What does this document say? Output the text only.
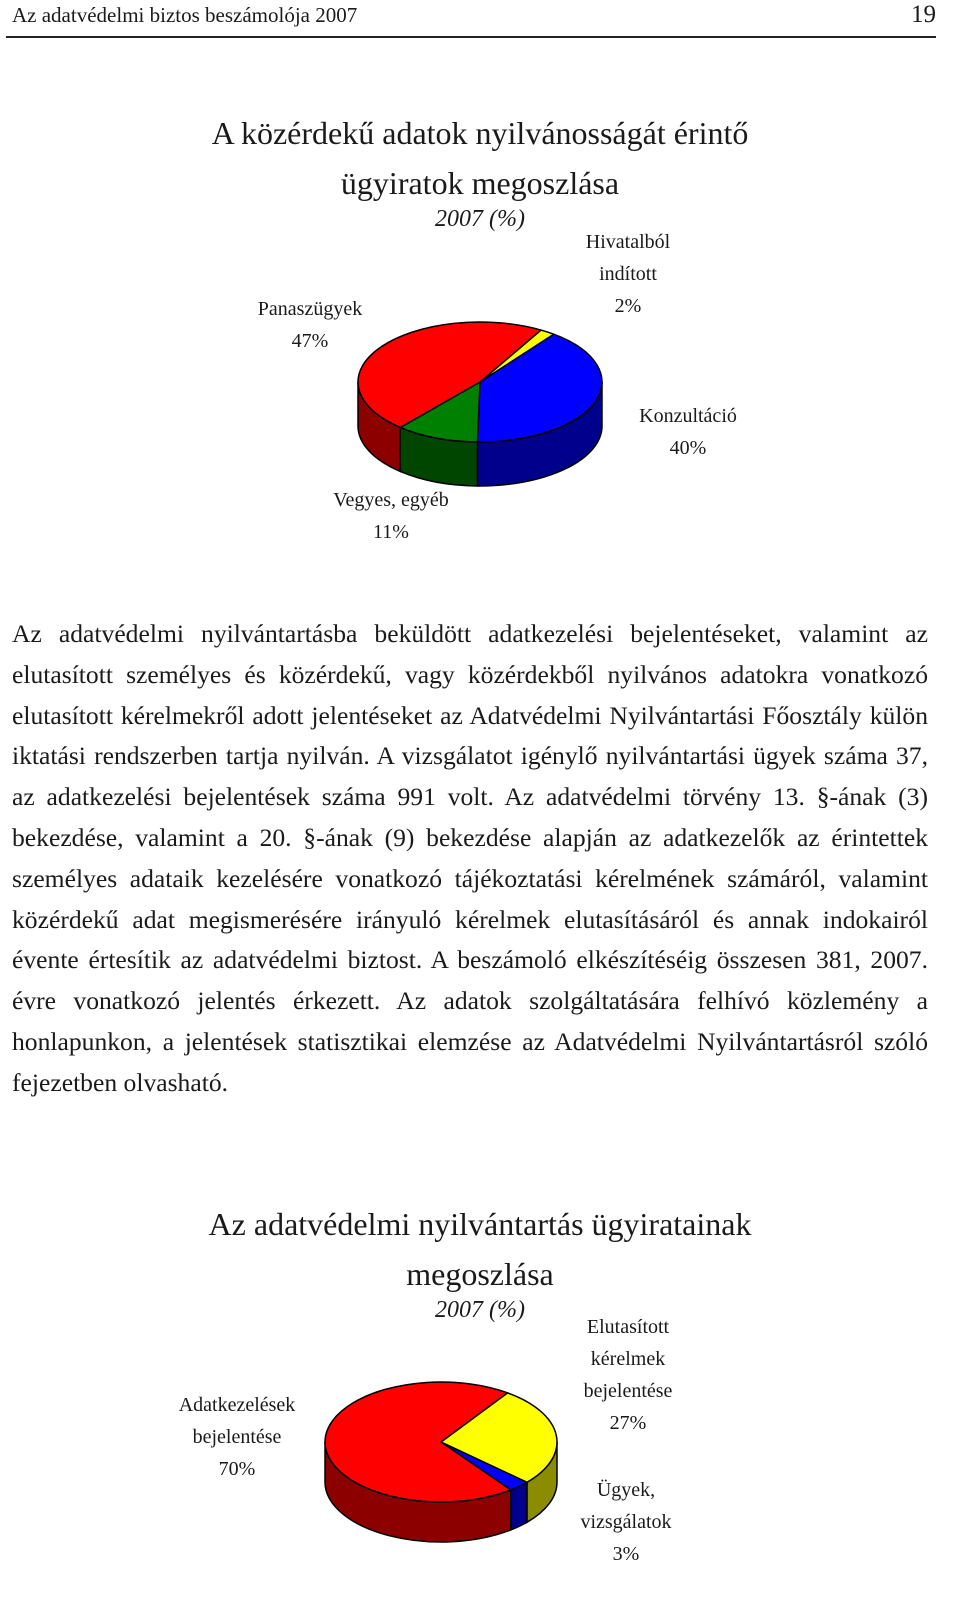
Az adatvédelmi biztos beszámolója 2007	19
A közérdekű adatok nyilvánosságát érintő
ügyiratok megoszlása
2007 (%)
Panaszügyek
47%
Hivatalból
indított
2%
Konzultáció
40%
Vegyes, egyéb
11%

Az adatvédelmi nyilvántartásba beküldött adatkezelési bejelentéseket, valamint az elutasított személyes és közérdekű, vagy közérdekből nyilvános adatokra vonatkozó elutasított kérelmekről adott jelentéseket az Adatvédelmi Nyilvántartási Főosztály külön iktatási rendszerben tartja nyilván. A vizsgálatot igénylő nyilvántartási ügyek száma 37, az adatkezelési bejelentések száma 991 volt. Az adatvédelmi törvény 13. §-ának (3) bekezdése, valamint a 20. §-ának (9) bekezdése alapján az adatkezelők az érintettek személyes adataik kezelésére vonatkozó tájékoztatási kérelmének számáról, valamint közérdekű adat megismerésére irányuló kérelmek elutasításáról és annak indokairól évente értesítik az adatvédelmi biztost. A beszámoló elkészítéséig összesen 381, 2007. évre vonatkozó jelentés érkezett. Az adatok szolgáltatására felhívó közlemény a honlapunkon, a jelentések statisztikai elemzése az Adatvédelmi Nyilvántartásról szóló fejezetben olvasható.

Az adatvédelmi nyilvántartás ügyiratainak
megoszlása
2007 (%)
Adatkezelések
bejelentése
70%
Elutasított
kérelmek
bejelentése
27%
Ügyek,
vizsgálatok
3%
